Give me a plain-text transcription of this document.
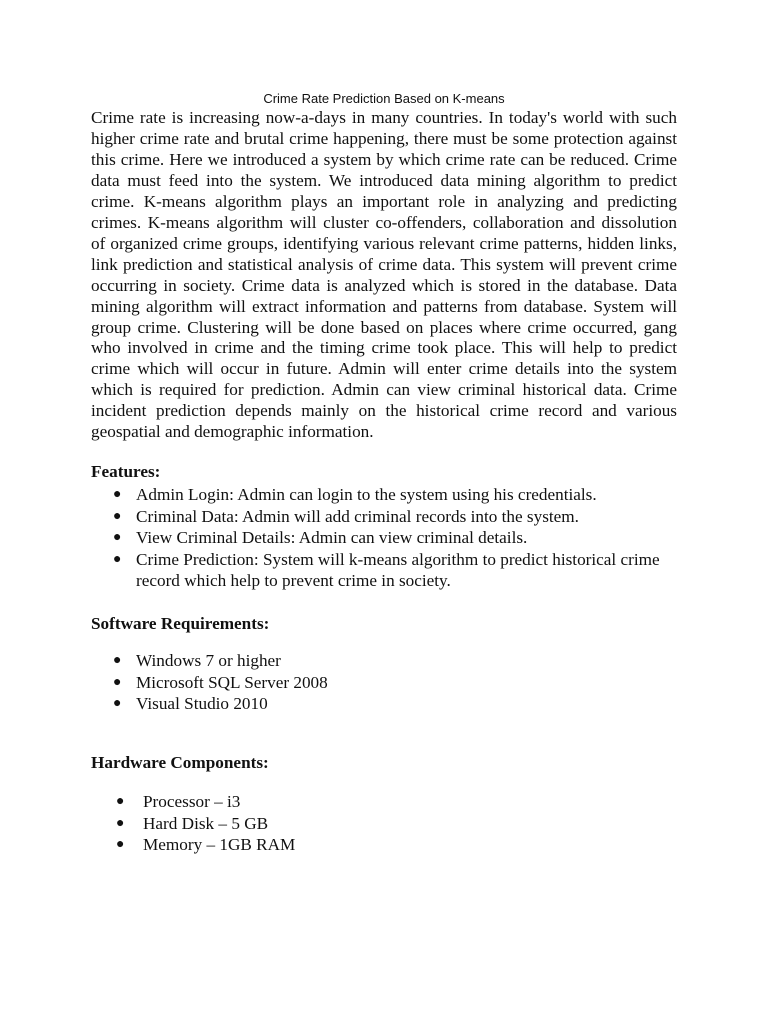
Crime Rate Prediction Based on K-means

Crime rate is increasing now-a-days in many countries. In today's world with such higher crime rate and brutal crime happening, there must be some protection against this crime. Here we introduced a system by which crime rate can be reduced. Crime data must feed into the system. We introduced data mining algorithm to predict crime. K-means algorithm plays an important role in analyzing and predicting crimes. K-means algorithm will cluster co-offenders, collaboration and dissolution of organized crime groups, identifying various relevant crime patterns, hidden links, link prediction and statistical analysis of crime data. This system will prevent crime occurring in society. Crime data is analyzed which is stored in the database. Data mining algorithm will extract information and patterns from database. System will group crime. Clustering will be done based on places where crime occurred, gang who involved in crime and the timing crime took place. This will help to predict crime which will occur in future. Admin will enter crime details into the system which is required for prediction. Admin can view criminal historical data. Crime incident prediction depends mainly on the historical crime record and various geospatial and demographic information.

Features:

● Admin Login: Admin can login to the system using his credentials.
● Criminal Data: Admin will add criminal records into the system.
● View Criminal Details: Admin can view criminal details.
● Crime Prediction: System will k-means algorithm to predict historical crime record which help to prevent crime in society.

Software Requirements:

● Windows 7 or higher
● Microsoft SQL Server 2008
● Visual Studio 2010

Hardware Components:

● Processor – i3
● Hard Disk – 5 GB
● Memory – 1GB RAM
